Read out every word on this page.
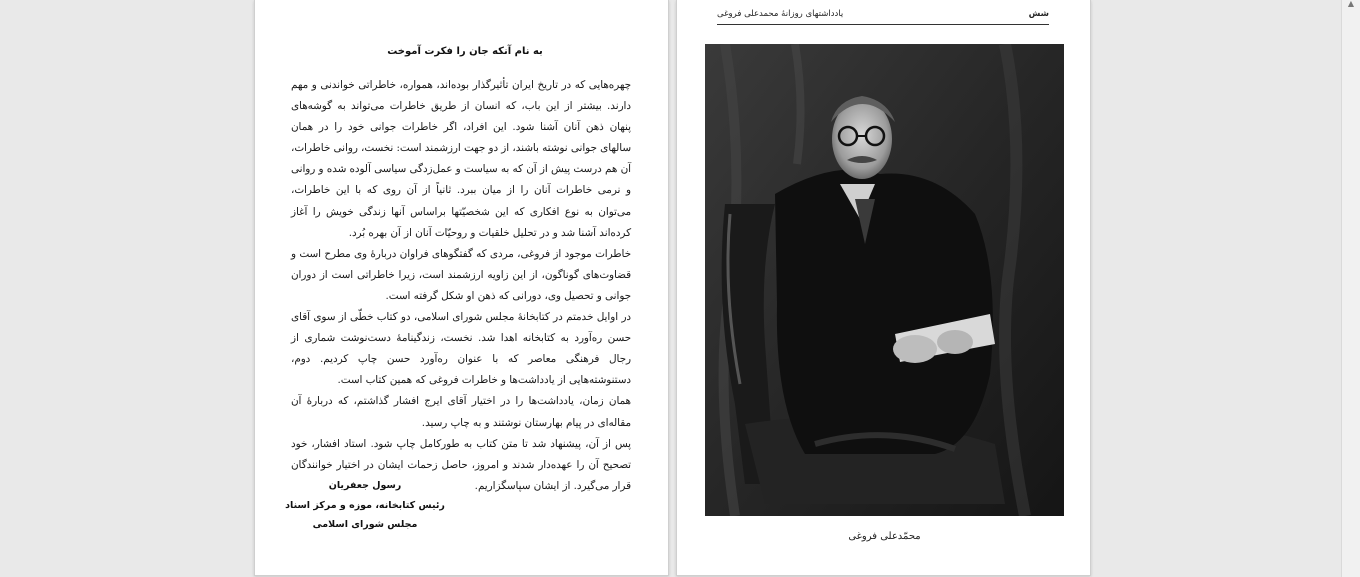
به نام آنکه جان را فکرت آموخت

چهره‌هایی که در تاریخ ایران تأثیرگذار بوده‌اند، همواره، خاطراتی خواندنی و مهم دارند. بیشتر از این باب، که انسان از طریق خاطرات می‌تواند به گوشه‌های پنهان ذهن آنان آشنا شود. این افراد، اگر خاطرات جوانی خود را در همان سالهای جوانی نوشته باشند، از دو جهت ارزشمند است: نخست، روانی خاطرات، آن هم درست پیش از آن که به سیاست و عمل‌زدگی سیاسی آلوده شده و روانی و نرمی خاطرات آنان را از میان ببرد. ثانیاً از آن روی که با این خاطرات، می‌توان به نوع افکاری که این شخصیّتها براساس آنها زندگی خویش را آغاز کرده‌اند آشنا شد و در تحلیل خلقیات و روحیّات آنان از آن بهره بُرد.

خاطرات موجود از فروغی، مردی که گفتگوهای فراوان دربارهٔ وی مطرح است و قضاوت‌های گوناگون، از این زاویه ارزشمند است، زیرا خاطراتی است از دوران جوانی و تحصیل وی، دورانی که ذهن او شکل گرفته است.

در اوایل خدمتم در کتابخانهٔ مجلس شورای اسلامی، دو کتاب خطّی از سوی آقای حسن ره‌آورد به کتابخانه اهدا شد. نخست، زندگینامهٔ دست‌نوشت شماری از رجال فرهنگی معاصر که با عنوان ره‌آورد حسن چاپ کردیم. دوم، دستنوشته‌هایی از یادداشت‌ها و خاطرات فروغی که همین کتاب است.

همان زمان، یادداشت‌ها را در اختیار آقای ایرج افشار گذاشتم، که دربارهٔ آن مقاله‌ای در پیام بهارستان نوشتند و به چاپ رسید.

پس از آن، پیشنهاد شد تا متن کتاب به طورکامل چاپ شود. استاد افشار، خود تصحیح آن را عهده‌دار شدند و امروز، حاصل زحمات ایشان در اختیار خوانندگان قرار می‌گیرد. از ایشان سپاسگزاریم.

رسول جعفریان
رئیس کتابخانه، موزه و مرکز اسناد
مجلس شورای اسلامی
شش
یادداشتهای روزانهٔ محمدعلی فروغی
محمّدعلی فروغی
▲
